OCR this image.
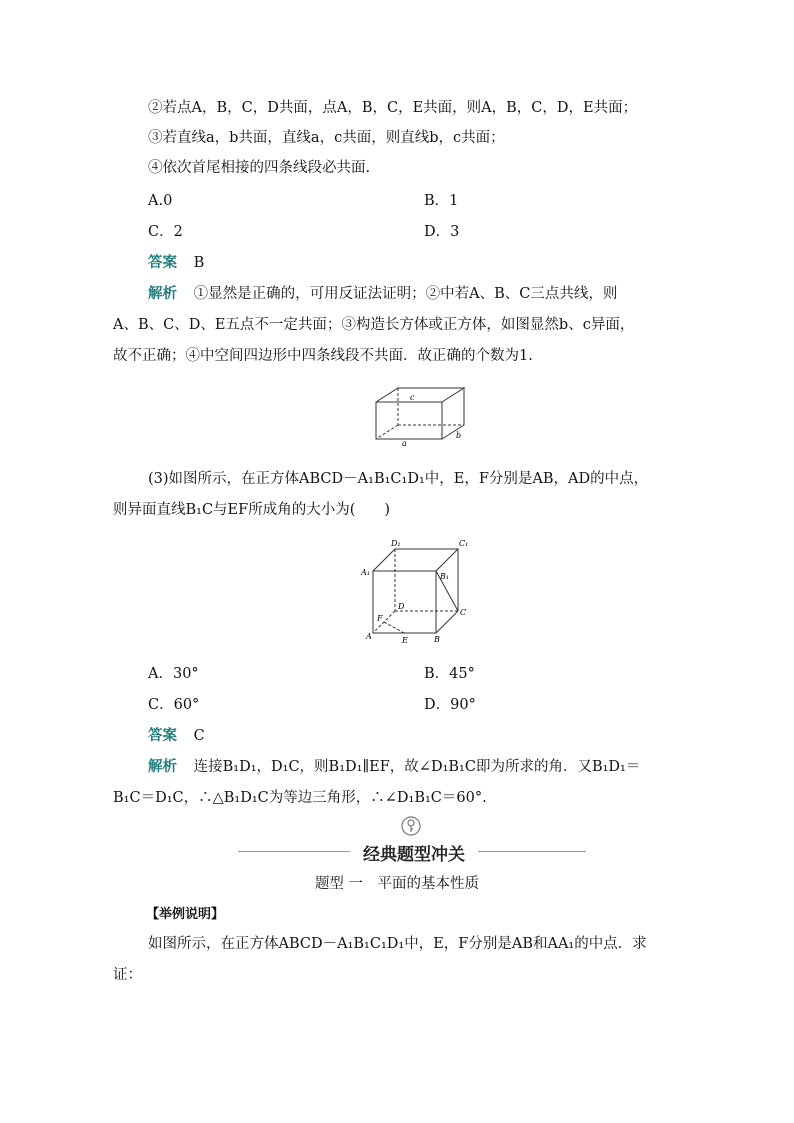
②若点A，B，C，D共面，点A，B，C，E共面，则A，B，C，D，E共面；
③若直线a，b共面，直线a，c共面，则直线b，c共面；
④依次首尾相接的四条线段必共面.
A.0	B．1
C．2	D．3
答案 B
解析 ①显然是正确的，可用反证法证明；②中若A、B、C三点共线，则
A、B、C、D、E五点不一定共面；③构造长方体或正方体，如图显然b、c异面，
故不正确；④中空间四边形中四条线段不共面．故正确的个数为1.
c
a
b
(3)如图所示，在正方体ABCD－A₁B₁C₁D₁中，E，F分别是AB，AD的中点，
则异面直线B₁C与EF所成角的大小为(　　)
D₁	C₁
A₁	B₁
D
C
F
A	E	B
A．30°	B．45°
C．60°	D．90°
答案 C
解析 连接B₁D₁，D₁C，则B₁D₁∥EF，故∠D₁B₁C即为所求的角．又B₁D₁＝
B₁C＝D₁C，∴△B₁D₁C为等边三角形，∴∠D₁B₁C＝60°.
经典题型冲关
题型 一　平面的基本性质
【举例说明】
如图所示，在正方体ABCD－A₁B₁C₁D₁中，E，F分别是AB和AA₁的中点．求
证：
